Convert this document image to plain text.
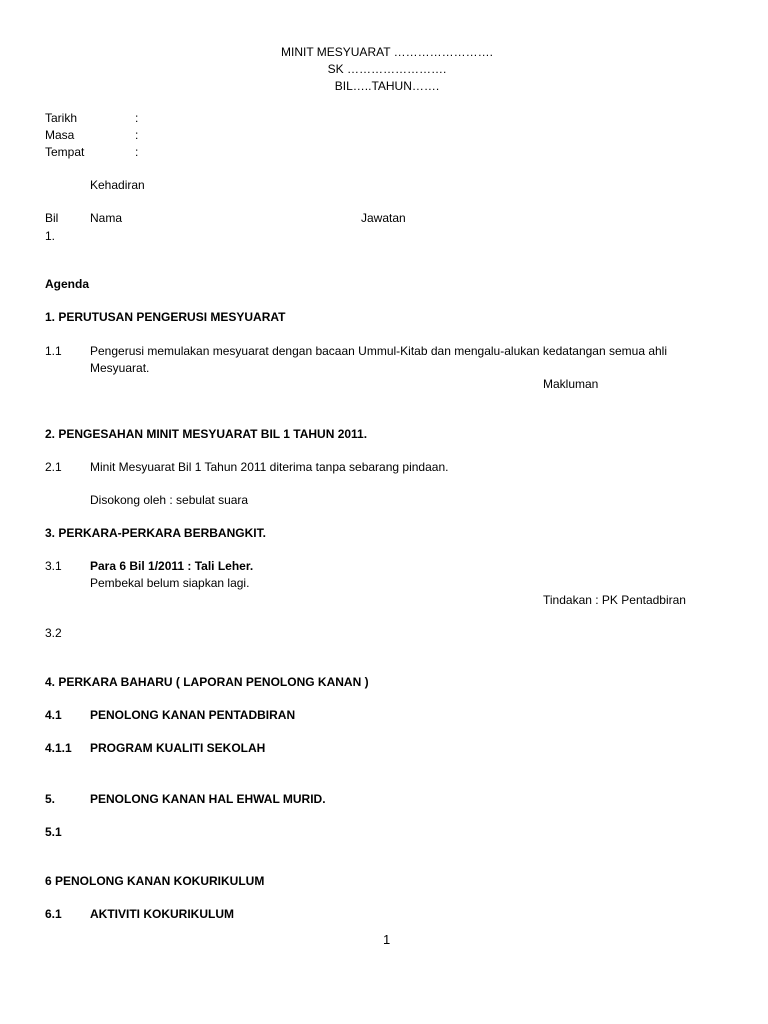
MINIT MESYUARAT …………………….
SK …………………….
BIL…..TAHUN…….
Tarikh	:
Masa	:
Tempat	:
Kehadiran
Bil	Nama	Jawatan
1.
Agenda
1. PERUTUSAN PENGERUSI MESYUARAT
1.1 Pengerusi memulakan mesyuarat dengan bacaan Ummul-Kitab dan mengalu-alukan kedatangan semua ahli
Mesyuarat.
Makluman
2. PENGESAHAN MINIT MESYUARAT BIL 1 TAHUN 2011.
2.1 Minit Mesyuarat Bil 1 Tahun 2011 diterima tanpa sebarang pindaan.
Disokong oleh : sebulat suara
3. PERKARA-PERKARA BERBANGKIT.
3.1 Para 6 Bil 1/2011 : Tali Leher.
Pembekal belum siapkan lagi.
Tindakan : PK Pentadbiran
3.2
4. PERKARA BAHARU ( LAPORAN PENOLONG KANAN )
4.1 PENOLONG KANAN PENTADBIRAN
4.1.1 PROGRAM KUALITI SEKOLAH
5.	PENOLONG KANAN HAL EHWAL MURID.
5.1
6 PENOLONG KANAN KOKURIKULUM
6.1 AKTIVITI KOKURIKULUM
1
